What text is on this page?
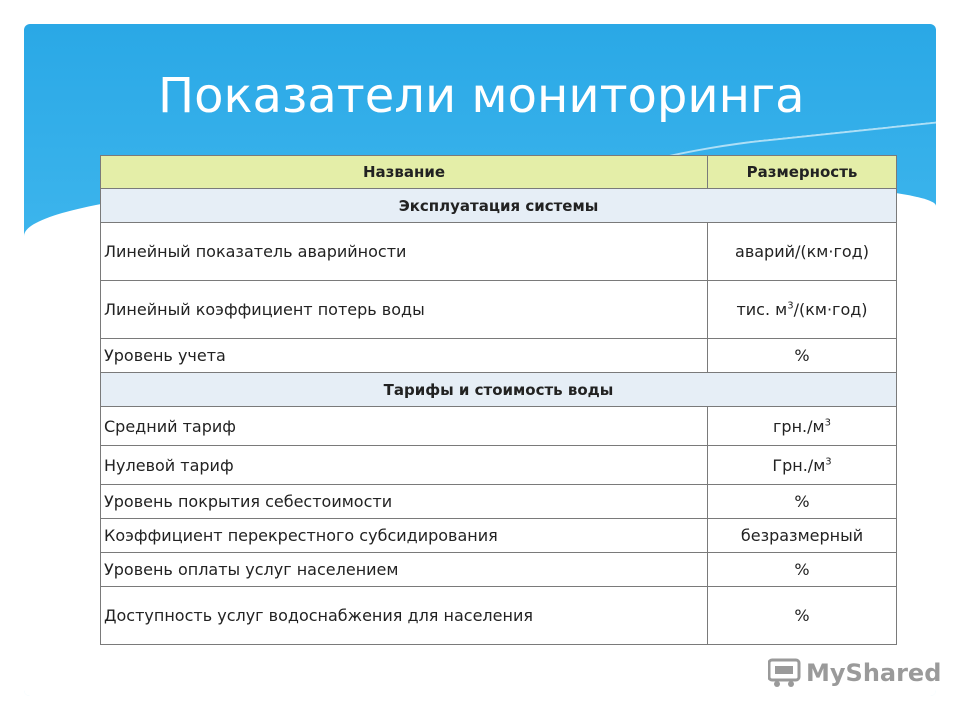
Показатели мониторинга
Название	Размерность
Эксплуатация системы	
Линейный показатель аварийности	аварий/(км·год)
Линейный коэффициент потерь воды	тис. $м^3/(км\cdot год)$
Уровень учета	%
Тарифы и стоимость воды	
Средний тариф	$грн./м^3$
Нулевой тариф	$Грн./м^3$
Уровень покрытия себестоимости	%
Коэффициент перекрестного субсидирования	безразмерный
Уровень оплаты услуг населением	%
Доступность услуг водоснабжения для населения	%
MyShared
